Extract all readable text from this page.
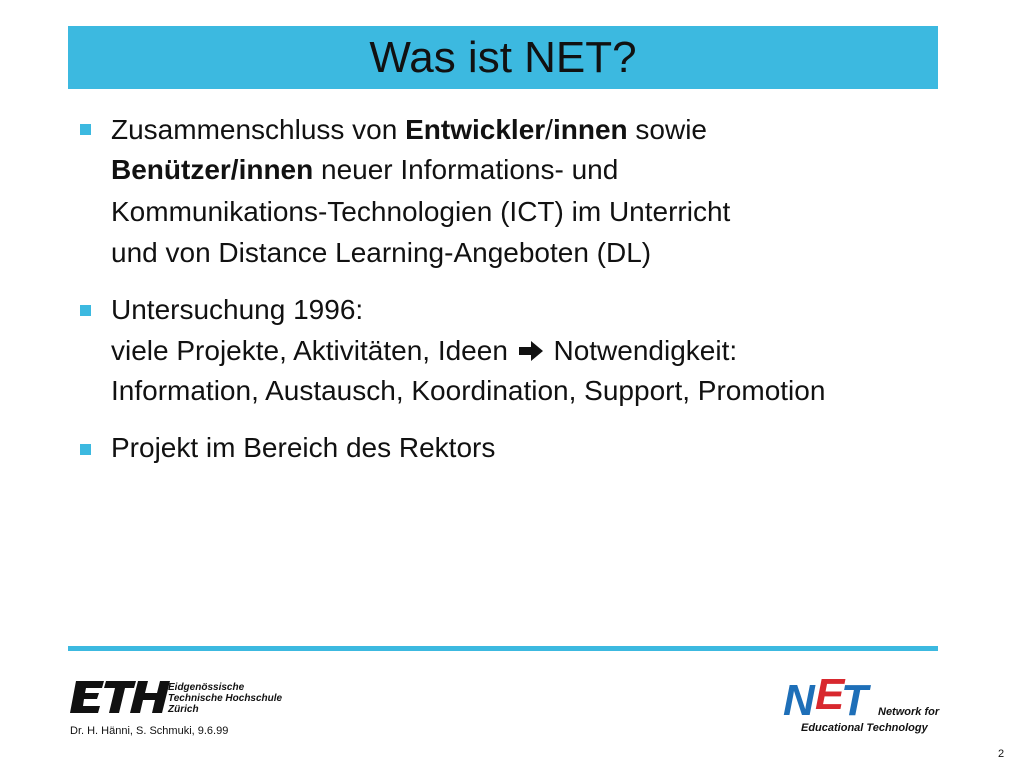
Was ist NET?
Zusammenschluss von Entwickler/innen sowie
Benützer/innen neuer Informations- und
Kommunikations-Technologien (ICT) im Unterricht
und von Distance Learning-Angeboten (DL)
Untersuchung 1996:
viele Projekte, Aktivitäten, Ideen Notwendigkeit:
Information, Austausch, Koordination, Support, Promotion
Projekt im Bereich des Rektors
ETH
Eidgenössische
Technische Hochschule
Zürich
Dr. H. Hänni, S. Schmuki, 9.6.99
N E
T
NET
Network for
Educational Technology
2
